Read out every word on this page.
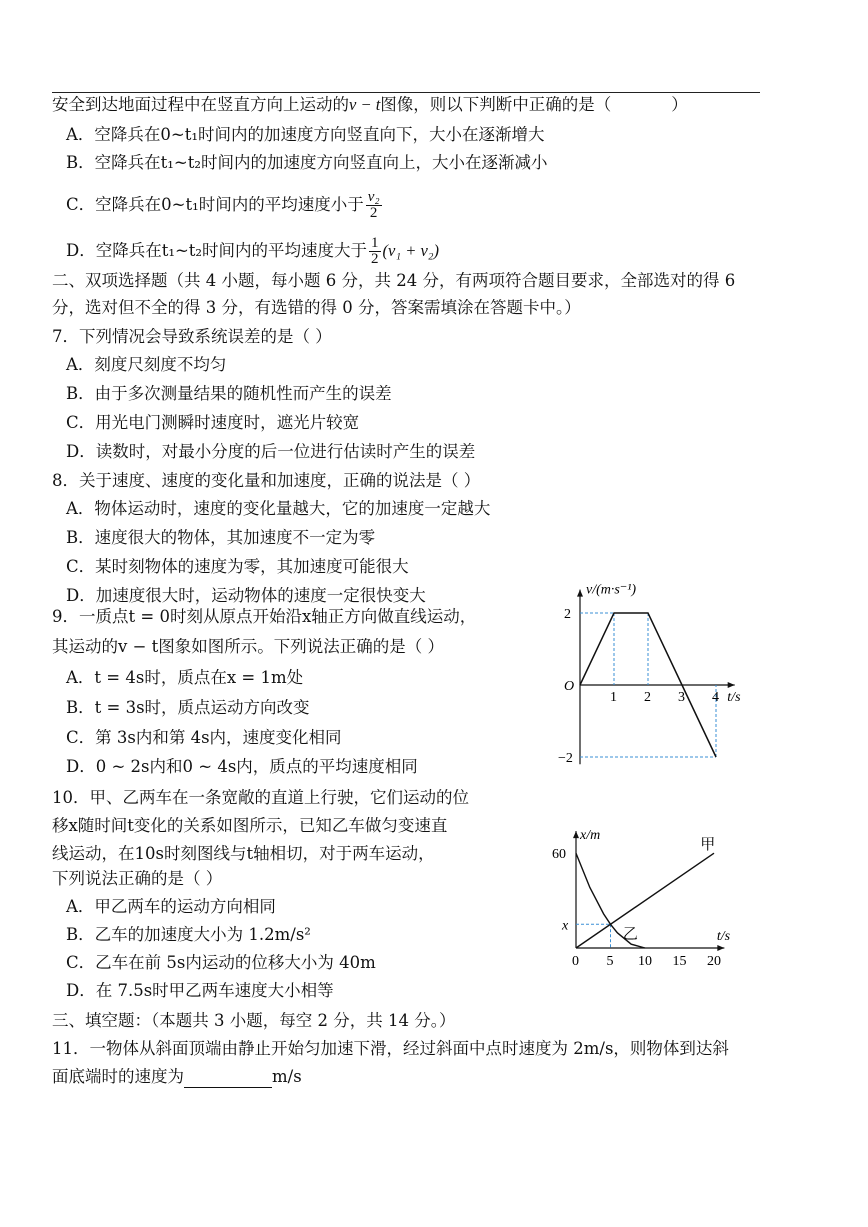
安全到达地面过程中在竖直方向上运动的v − t图像，则以下判断中正确的是（	）
A．空降兵在0~t₁时间内的加速度方向竖直向下，大小在逐渐增大
B．空降兵在t₁~t₂时间内的加速度方向竖直向上，大小在逐渐减小
C．空降兵在0~t₁时间内的平均速度小于 $\frac{\text{v₂}}{2}$
D．空降兵在t₁~t₂时间内的平均速度大于 $\frac{1}{2} (v_1 + v_2)$
二、双项选择题（共 4 小题，每小题 6 分，共 24 分，有两项符合题目要求，全部选对的得 6
分，选对但不全的得 3 分，有选错的得 0 分，答案需填涂在答题卡中。）
7．下列情况会导致系统误差的是（ ）
A．刻度尺刻度不均匀
B．由于多次测量结果的随机性而产生的误差
C．用光电门测瞬时速度时，遮光片较宽
D．读数时，对最小分度的后一位进行估读时产生的误差
8．关于速度、速度的变化量和加速度，正确的说法是（ ）
A．物体运动时，速度的变化量越大，它的加速度一定越大
B．速度很大的物体，其加速度不一定为零
C．某时刻物体的速度为零，其加速度可能很大
D．加速度很大时，运动物体的速度一定很快变大
9．一质点t = 0时刻从原点开始沿x轴正方向做直线运动，
其运动的v − t图象如图所示。下列说法正确的是（ ）
A．t = 4s时，质点在x = 1m处
B．t = 3s时，质点运动方向改变
C．第 3s内和第 4s内，速度变化相同
D．0 ~ 2s内和0 ~ 4s内，质点的平均速度相同
v/(m·s⁻¹)
t/s
O
1 2 3 4
2
−2
10．甲、乙两车在一条宽敞的直道上行驶，它们运动的位
移x随时间t变化的关系如图所示，已知乙车做匀变速直
线运动，在10s时刻图线与t轴相切，对于两车运动，
下列说法正确的是（ ）
A．甲乙两车的运动方向相同
B．乙车的加速度大小为 1.2m/s²
C．乙车在前 5s内运动的位移大小为 40m
D．在 7.5s时甲乙两车速度大小相等
甲
乙
x/m
t/s
0 5 10 15 20
60
x
三、填空题：（本题共 3 小题，每空 2 分，共 14 分。）
11．一物体从斜面顶端由静止开始匀加速下滑，经过斜面中点时速度为 2m/s，则物体到达斜
面底端时的速度为	m/s
